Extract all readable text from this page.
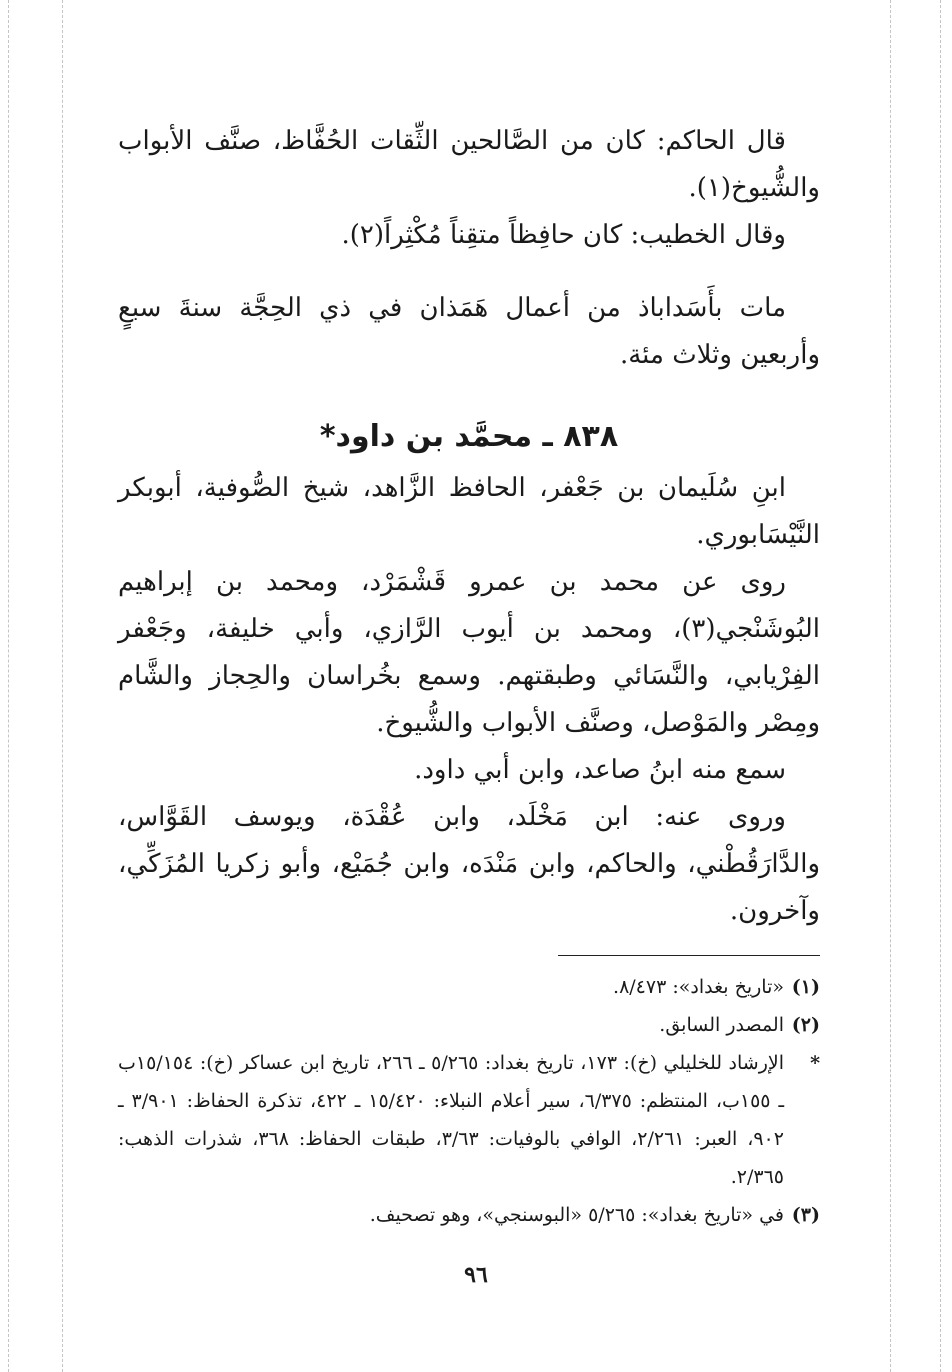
قال الحاكم: كان من الصَّالحين الثِّقات الحُفَّاظ، صنَّف الأبواب والشُّيوخ(١).

وقال الخطيب: كان حافِظاً متقِناً مُكْثِراً(٢).

مات بأَسَداباذ من أعمال هَمَذان في ذي الحِجَّة سنةَ سبعٍ وأربعين وثلاث مئة.

٨٣٨ ـ محمَّد بن داود*

ابنِ سُلَيمان بن جَعْفر، الحافظ الزَّاهد، شيخ الصُّوفية، أبوبكر النَّيْسَابوري.

روى عن محمد بن عمرو قَشْمَرْد، ومحمد بن إبراهيم البُوشَنْجي(٣)، ومحمد بن أيوب الرَّازي، وأبي خليفة، وجَعْفر الفِرْيابي، والنَّسَائي وطبقتهم. وسمع بخُراسان والحِجاز والشَّام ومِصْر والمَوْصل، وصنَّف الأبواب والشُّيوخ.

سمع منه ابنُ صاعد، وابن أبي داود.

وروى عنه: ابن مَخْلَد، وابن عُقْدَة، ويوسف القَوَّاس، والدَّارَقُطْني، والحاكم، وابن مَنْدَه، وابن جُمَيْع، وأبو زكريا المُزَكِّي، وآخرون.

(١)
«تاريخ بغداد»: ٨/٤٧٣.

(٢)
المصدر السابق.

*
الإرشاد للخليلي (خ): ١٧٣، تاريخ بغداد: ٥/٢٦٥ ـ ٢٦٦، تاريخ ابن عساكر (خ): ١٥/١٥٤ب ـ ١٥٥ب، المنتظم: ٦/٣٧٥، سير أعلام النبلاء: ١٥/٤٢٠ ـ ٤٢٢، تذكرة الحفاظ: ٣/٩٠١ ـ ٩٠٢، العبر: ٢/٢٦١، الوافي بالوفيات: ٣/٦٣، طبقات الحفاظ: ٣٦٨، شذرات الذهب: ٢/٣٦٥.

(٣)
في «تاريخ بغداد»: ٥/٢٦٥ «البوسنجي»، وهو تصحيف.

٩٦
